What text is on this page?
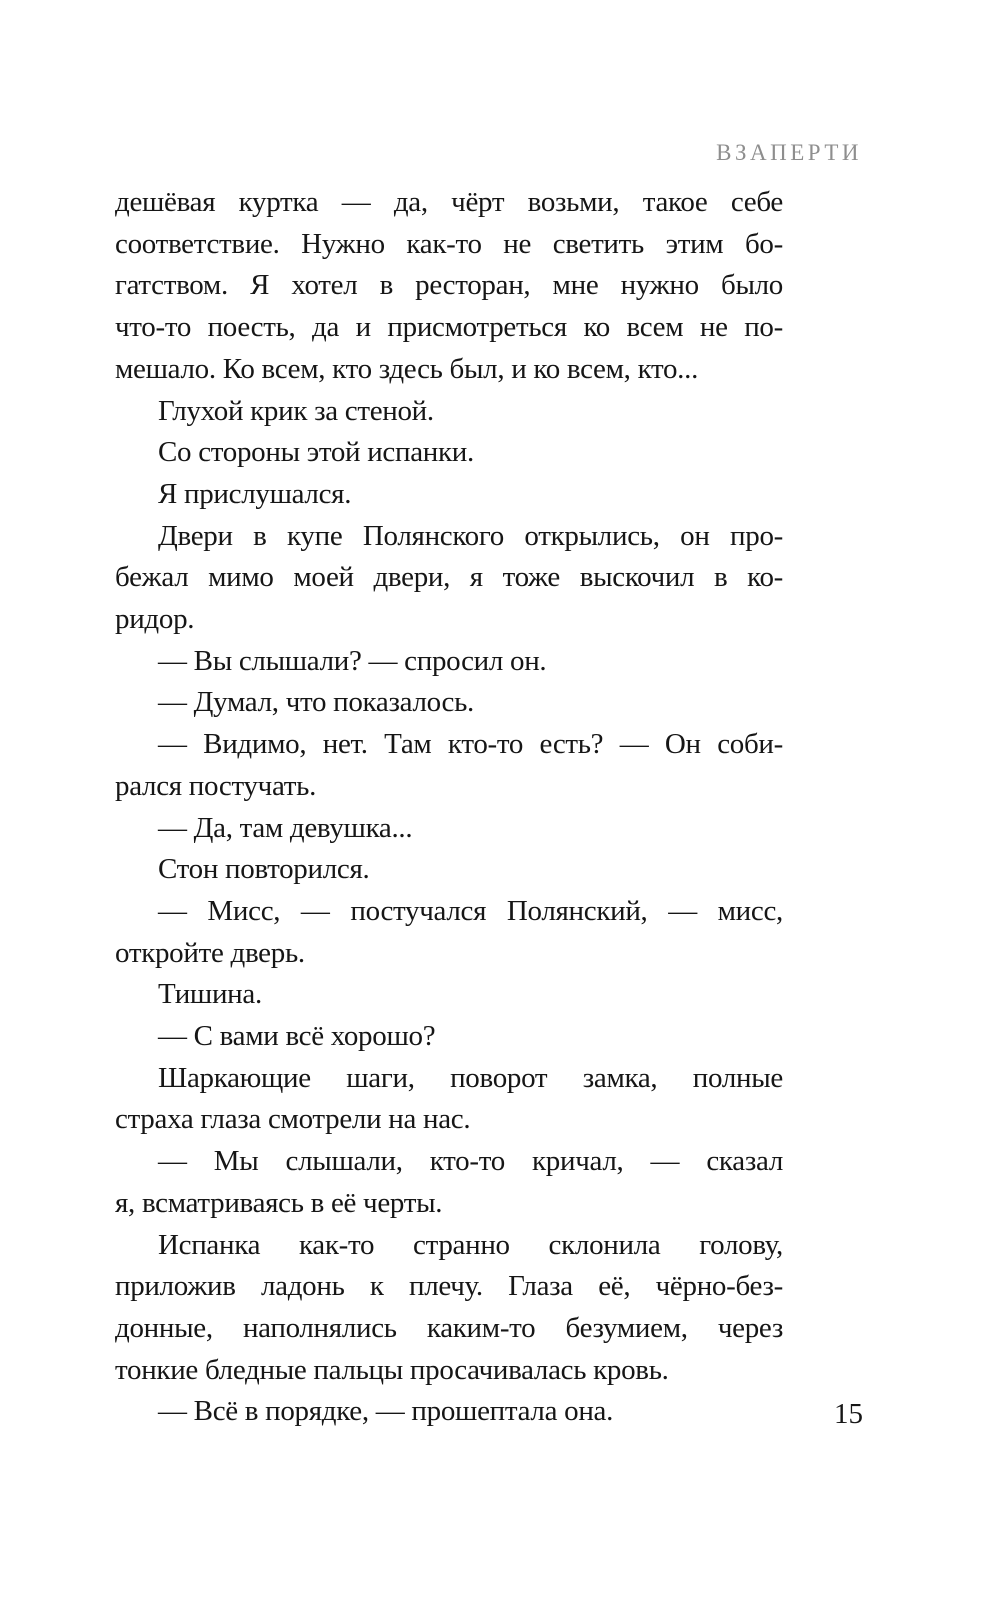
ВЗАПЕРТИ
дешёвая куртка — да, чёрт возьми, такое себе
соответствие. Нужно как-то не светить этим бо-
гатством. Я хотел в ресторан, мне нужно было
что-то поесть, да и присмотреться ко всем не по-
мешало. Ко всем, кто здесь был, и ко всем, кто...
Глухой крик за стеной.
Со стороны этой испанки.
Я прислушался.
Двери в купе Полянского открылись, он про-
бежал мимо моей двери, я тоже выскочил в ко-
ридор.
— Вы слышали? — спросил он.
— Думал, что показалось.
— Видимо, нет. Там кто-то есть? — Он соби-
рался постучать.
— Да, там девушка...
Стон повторился.
— Мисс, — постучался Полянский, — мисс,
откройте дверь.
Тишина.
— С вами всё хорошо?
Шаркающие шаги, поворот замка, полные
страха глаза смотрели на нас.
— Мы слышали, кто-то кричал, — сказал
я, всматриваясь в её черты.
Испанка как-то странно склонила голову,
приложив ладонь к плечу. Глаза её, чёрно-без-
донные, наполнялись каким-то безумием, через
тонкие бледные пальцы просачивалась кровь.
— Всё в порядке, — прошептала она.	15
